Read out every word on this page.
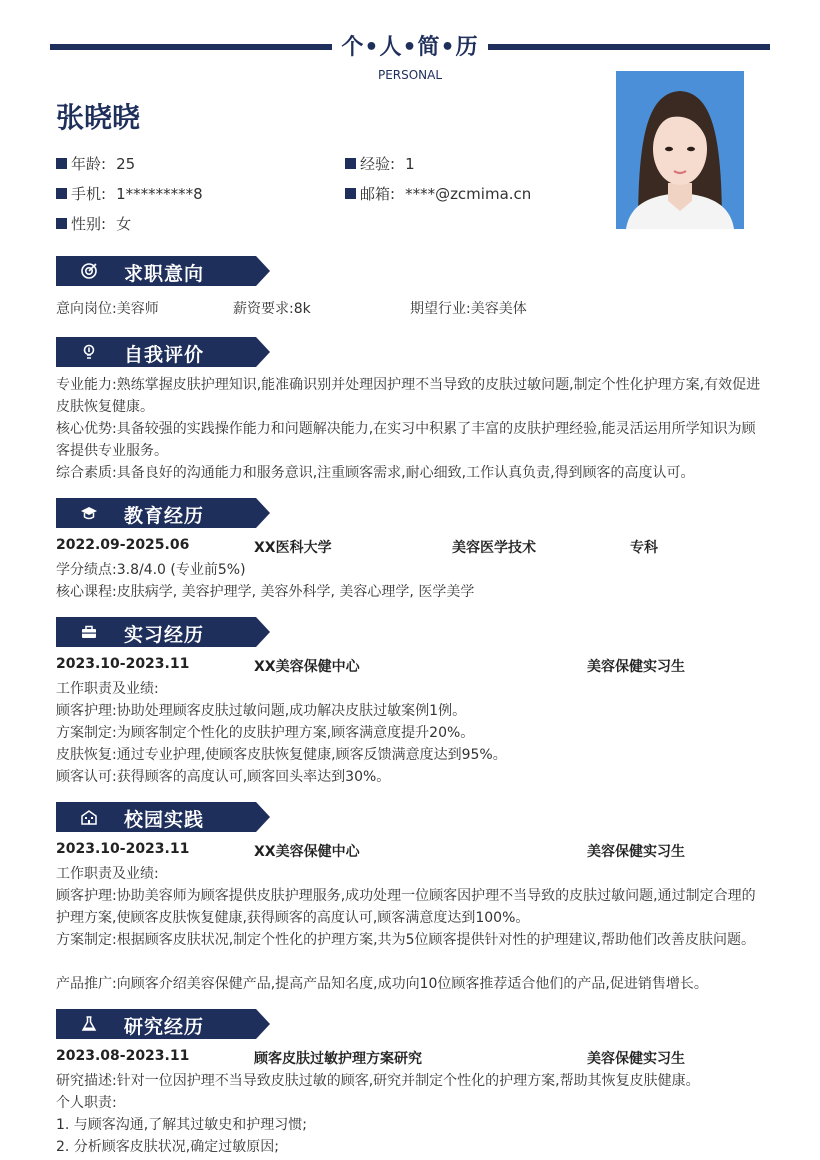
个•人•简•历
PERSONAL
张晓晓
年龄: 25	经验: 1
手机: 1*********8	邮箱: ****@zcmima.cn
性别: 女
求职意向
意向岗位:美容师	薪资要求:8k	期望行业:美容美体
自我评价
专业能力:熟练掌握皮肤护理知识,能准确识别并处理因护理不当导致的皮肤过敏问题,制定个性化护理方案,有效促进皮肤恢复健康。
核心优势:具备较强的实践操作能力和问题解决能力,在实习中积累了丰富的皮肤护理经验,能灵活运用所学知识为顾客提供专业服务。
综合素质:具备良好的沟通能力和服务意识,注重顾客需求,耐心细致,工作认真负责,得到顾客的高度认可。
教育经历
2022.09-2025.06	XX医科大学	美容医学技术	专科
学分绩点:3.8/4.0 (专业前5%)
核心课程:皮肤病学, 美容护理学, 美容外科学, 美容心理学, 医学美学
实习经历
2023.10-2023.11	XX美容保健中心	美容保健实习生
工作职责及业绩:
顾客护理:协助处理顾客皮肤过敏问题,成功解决皮肤过敏案例1例。
方案制定:为顾客制定个性化的皮肤护理方案,顾客满意度提升20%。
皮肤恢复:通过专业护理,使顾客皮肤恢复健康,顾客反馈满意度达到95%。
顾客认可:获得顾客的高度认可,顾客回头率达到30%。
校园实践
2023.10-2023.11	XX美容保健中心	美容保健实习生
工作职责及业绩:
顾客护理:协助美容师为顾客提供皮肤护理服务,成功处理一位顾客因护理不当导致的皮肤过敏问题,通过制定合理的护理方案,使顾客皮肤恢复健康,获得顾客的高度认可,顾客满意度达到100%。
方案制定:根据顾客皮肤状况,制定个性化的护理方案,共为5位顾客提供针对性的护理建议,帮助他们改善皮肤问题。
产品推广:向顾客介绍美容保健产品,提高产品知名度,成功向10位顾客推荐适合他们的产品,促进销售增长。
研究经历
2023.08-2023.11	顾客皮肤过敏护理方案研究	美容保健实习生
研究描述:针对一位因护理不当导致皮肤过敏的顾客,研究并制定个性化的护理方案,帮助其恢复皮肤健康。
个人职责:
1. 与顾客沟通,了解其过敏史和护理习惯;
2. 分析顾客皮肤状况,确定过敏原因;
